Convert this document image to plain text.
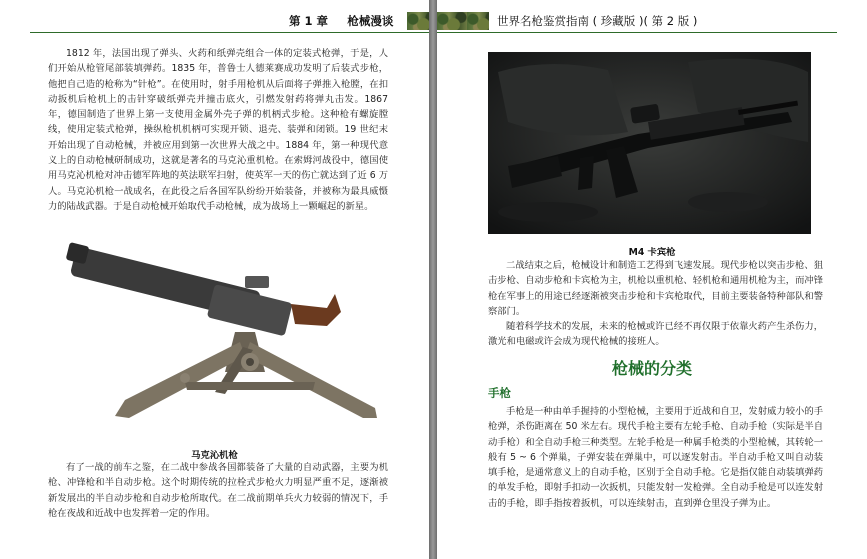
第 1 章 枪械漫谈

1812 年，法国出现了弹头、火药和纸弹壳组合一体的定装式枪弹，于是，人们开始从枪管尾部装填弹药。1835 年，普鲁士人德莱赛成功发明了后装式步枪，他把自己造的枪称为“针枪”。在使用时，射手用枪机从后面将子弹推入枪膛，在扣动扳机后枪机上的击针穿破纸弹壳并撞击底火，引燃发射药将弹丸击发。1867 年，德国制造了世界上第一支使用金属外壳子弹的机柄式步枪。这种枪有螺旋膛线，使用定装式枪弹，操纵枪机机柄可实现开锁、退壳、装弹和闭锁。19 世纪末开始出现了自动枪械，并被应用到第一次世界大战之中。1884 年，第一种现代意义上的自动枪械研制成功，这就是著名的马克沁重机枪。在索姆河战役中，德国使用马克沁机枪对冲击德军阵地的英法联军扫射，使英军一天的伤亡就达到了近 6 万人。马克沁机枪一战成名，在此役之后各国军队纷纷开始装备，并被称为最具威慑力的陆战武器。于是自动枪械开始取代手动枪械，成为战场上一颗崛起的新星。

马克沁机枪

有了一战的前车之鉴，在二战中参战各国都装备了大量的自动武器，主要为机枪、冲锋枪和半自动步枪。这个时期传统的拉栓式步枪火力明显严重不足，逐渐被新发展出的半自动步枪和自动步枪所取代。在二战前期单兵火力较弱的情况下，手枪在夜战和近战中也发挥着一定的作用。

世界名枪鉴赏指南 ( 珍藏版 )( 第 2 版 )
M4 卡宾枪

二战结束之后，枪械设计和制造工艺得到飞速发展。现代步枪以突击步枪、狙击步枪、自动步枪和卡宾枪为主，机枪以重机枪、轻机枪和通用机枪为主，而冲锋枪在军事上的用途已经逐渐被突击步枪和卡宾枪取代，目前主要装备特种部队和警察部门。

随着科学技术的发展，未来的枪械或许已经不再仅限于依靠火药产生杀伤力，激光和电磁或许会成为现代枪械的接班人。

枪械的分类
手枪

手枪是一种由单手握持的小型枪械，主要用于近战和自卫，发射威力较小的手枪弹，杀伤距离在 50 米左右。现代手枪主要有左轮手枪、自动手枪（实际是半自动手枪）和全自动手枪三种类型。左轮手枪是一种属手枪类的小型枪械，其转轮一般有 5 ~ 6 个弹巢，子弹安装在弹巢中，可以逐发射击。半自动手枪又叫自动装填手枪，是通常意义上的自动手枪，区别于全自动手枪。它是指仅能自动装填弹药的单发手枪，即射手扣动一次扳机，只能发射一发枪弹。全自动手枪是可以连发射击的手枪，即手指按着扳机，可以连续射击，直到弹仓里没子弹为止。
